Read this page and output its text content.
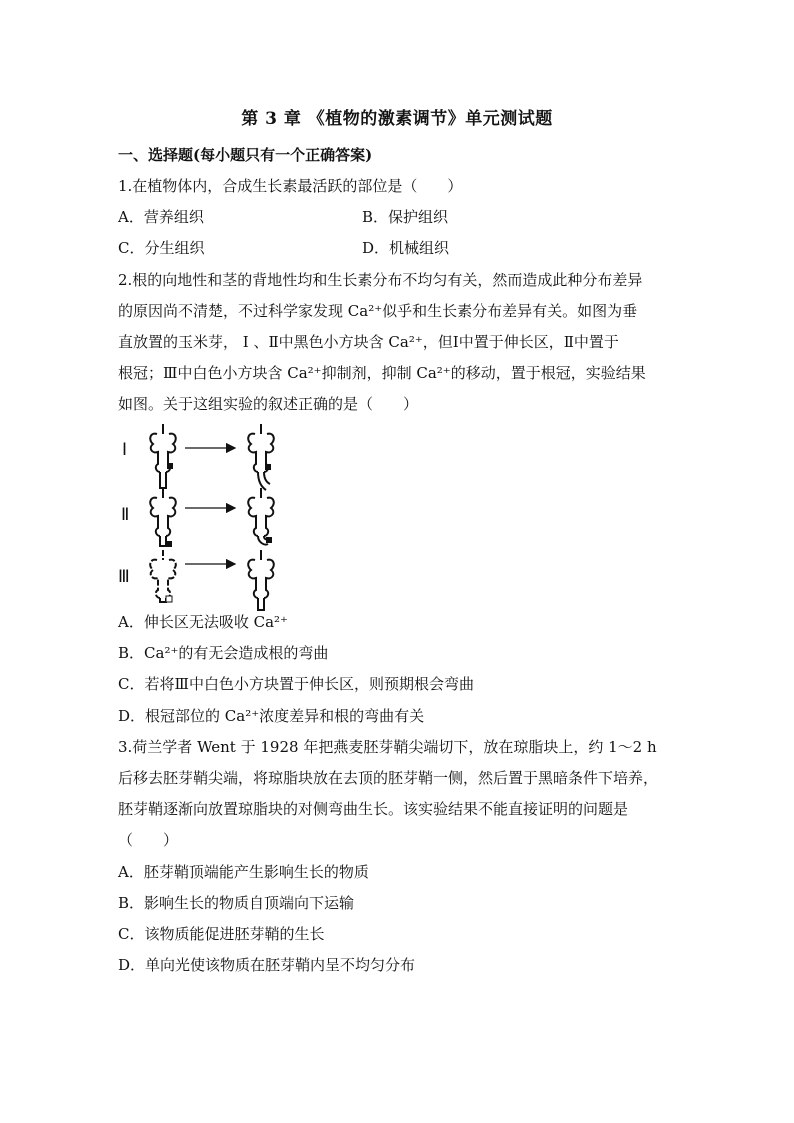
第 3 章 《植物的激素调节》单元测试题
一、选择题(每小题只有一个正确答案)
1.在植物体内，合成生长素最活跃的部位是（　　）
A．营养组织	B．保护组织
C．分生组织	D．机械组织
2.根的向地性和茎的背地性均和生长素分布不均匀有关，然而造成此种分布差异
的原因尚不清楚，不过科学家发现 Ca²⁺似乎和生长素分布差异有关。如图为垂
直放置的玉米芽， Ⅰ 、Ⅱ中黑色小方块含 Ca²⁺，但Ⅰ中置于伸长区，Ⅱ中置于
根冠；Ⅲ中白色小方块含 Ca²⁺抑制剂，抑制 Ca²⁺的移动，置于根冠，实验结果
如图。关于这组实验的叙述正确的是（　　）
Ⅰ
Ⅱ
Ⅲ
A．伸长区无法吸收 Ca²⁺
B．Ca²⁺的有无会造成根的弯曲
C．若将Ⅲ中白色小方块置于伸长区，则预期根会弯曲
D．根冠部位的 Ca²⁺浓度差异和根的弯曲有关
3.荷兰学者 Went 于 1928 年把燕麦胚芽鞘尖端切下，放在琼脂块上，约 1～2 h
后移去胚芽鞘尖端，将琼脂块放在去顶的胚芽鞘一侧，然后置于黑暗条件下培养，
胚芽鞘逐渐向放置琼脂块的对侧弯曲生长。该实验结果不能直接证明的问题是
（　　）
A．胚芽鞘顶端能产生影响生长的物质
B．影响生长的物质自顶端向下运输
C．该物质能促进胚芽鞘的生长
D．单向光使该物质在胚芽鞘内呈不均匀分布
